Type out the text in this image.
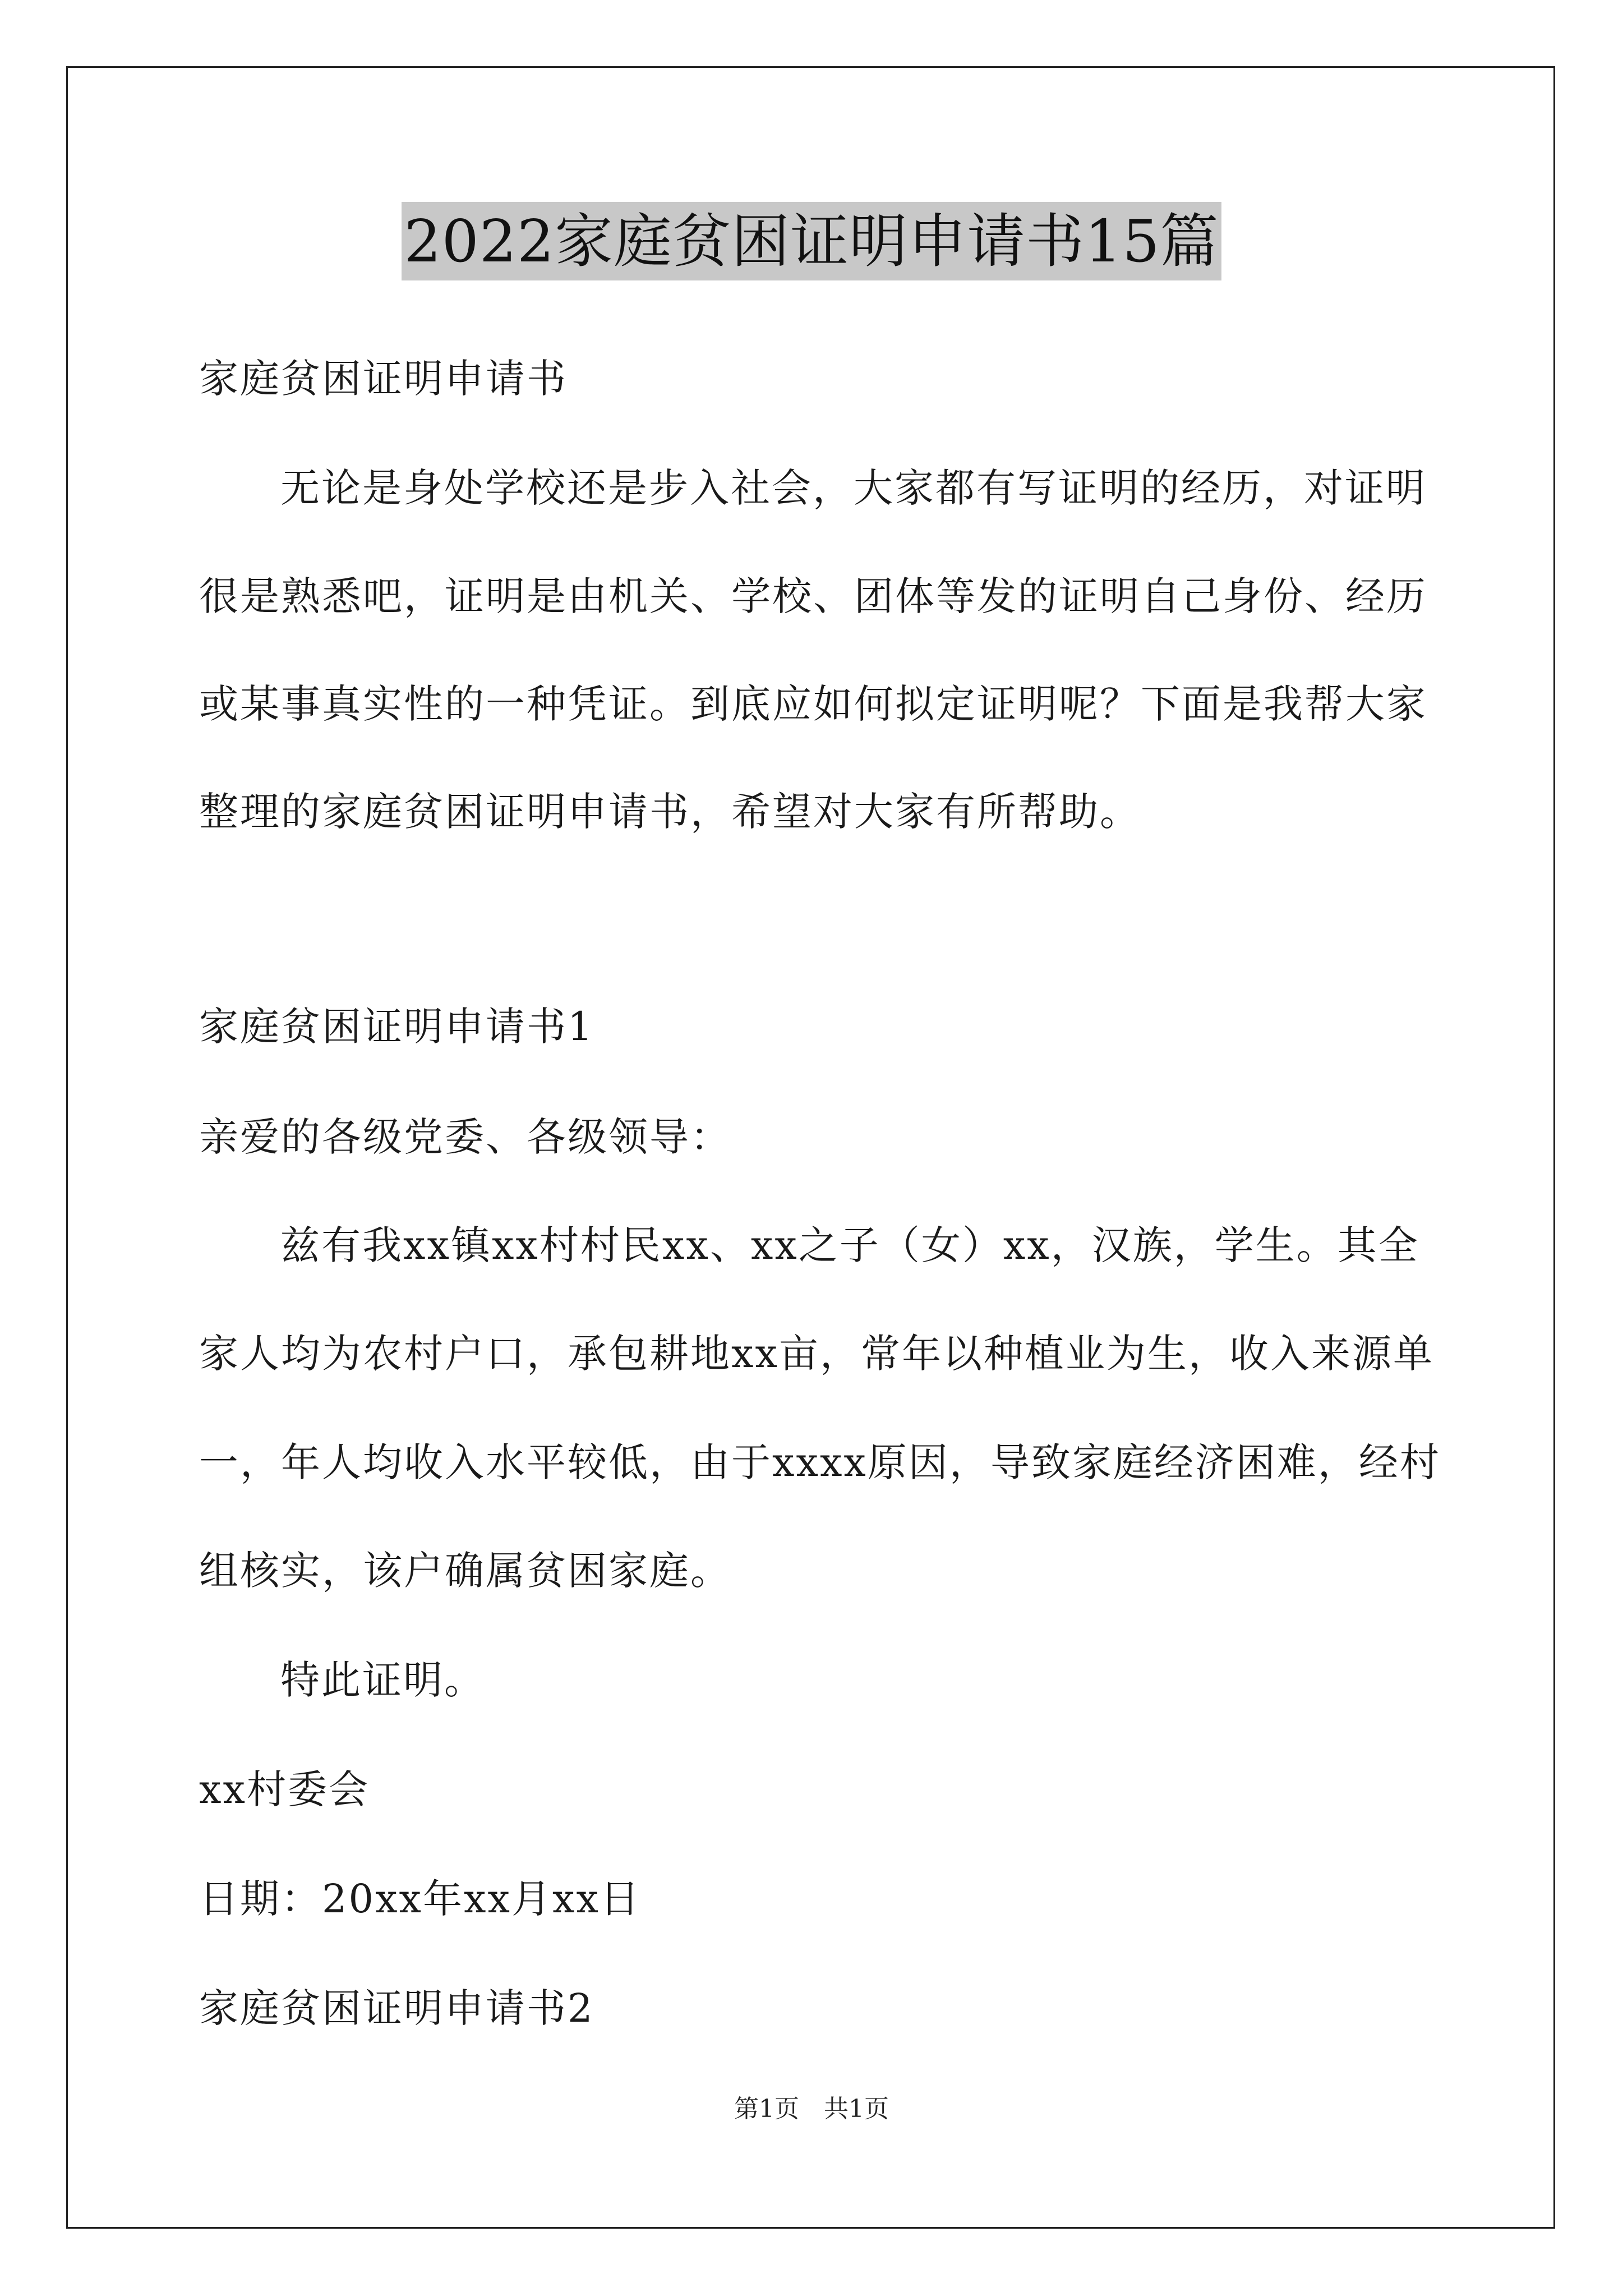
2022家庭贫困证明申请书15篇
家庭贫困证明申请书
无论是身处学校还是步入社会，大家都有写证明的经历，对证明
很是熟悉吧，证明是由机关、学校、团体等发的证明自己身份、经历
或某事真实性的一种凭证。到底应如何拟定证明呢？下面是我帮大家
整理的家庭贫困证明申请书，希望对大家有所帮助。
家庭贫困证明申请书1
亲爱的各级党委、各级领导：
兹有我xx镇xx村村民xx、xx之子（女）xx，汉族，学生。其全
家人均为农村户口，承包耕地xx亩，常年以种植业为生，收入来源单
一，年人均收入水平较低，由于xxxx原因，导致家庭经济困难，经村
组核实，该户确属贫困家庭。
特此证明。
xx村委会
日期：20xx年xx月xx日
家庭贫困证明申请书2
第1页　共1页
